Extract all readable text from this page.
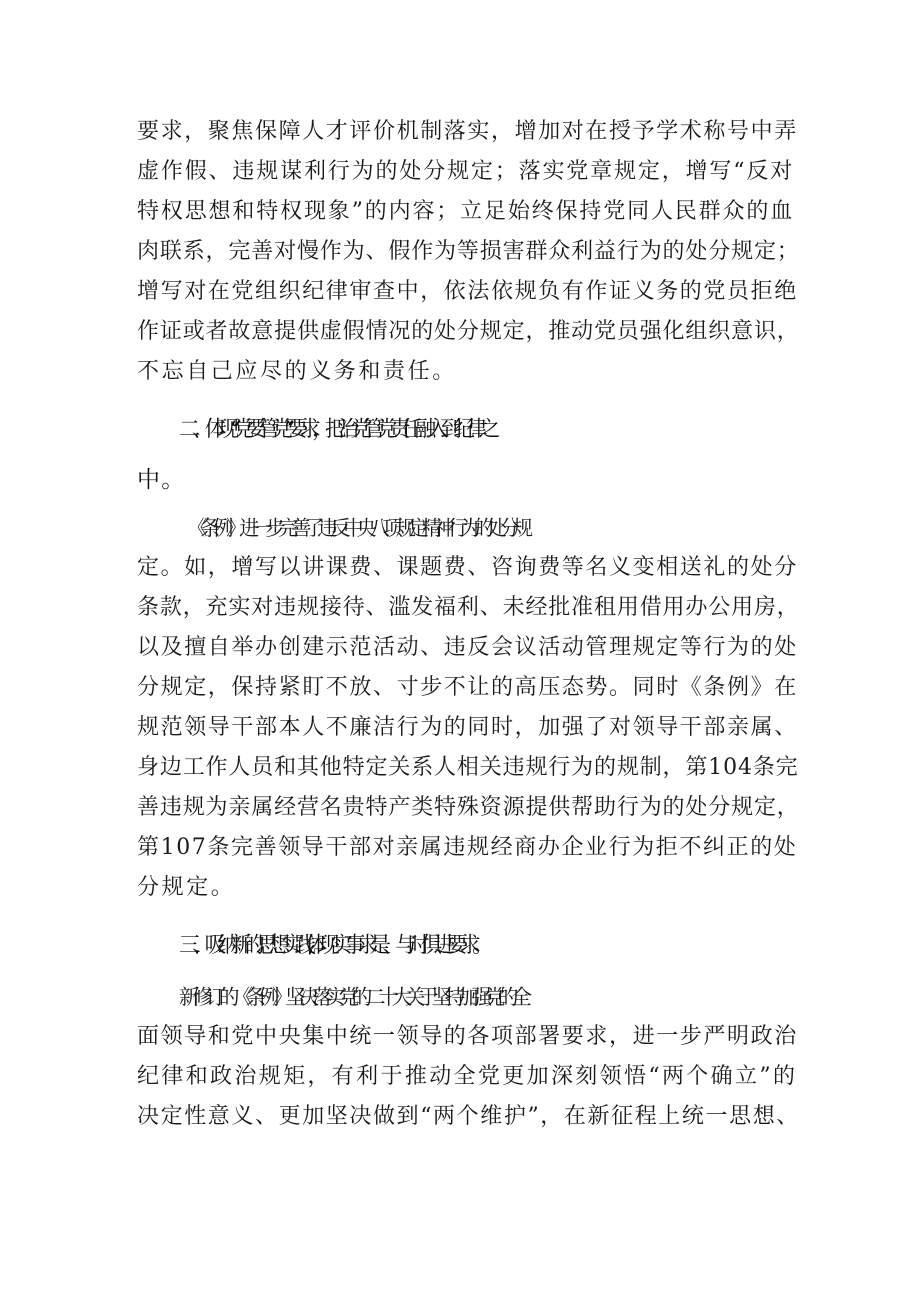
要求，聚焦保障人才评价机制落实，增加对在授予学术称号中弄
虚作假、违规谋利行为的处分规定；落实党章规定，增写“反对
特权思想和特权现象”的内容；立足始终保持党同人民群众的血
肉联系，完善对慢作为、假作为等损害群众利益行为的处分规定；
增写对在党组织纪律审查中，依法依规负有作证义务的党员拒绝
作证或者故意提供虚假情况的处分规定，推动党员强化组织意识，
不忘自己应尽的义务和责任。
二、体现“党要管党”要求，把治党管党责任融入到纪律之
中。
《条例》进一步完善了违反中央八项规定精神行为的处分规
定。如，增写以讲课费、课题费、咨询费等名义变相送礼的处分
条款，充实对违规接待、滥发福利、未经批准租用借用办公用房，
以及擅自举办创建示范活动、违反会议活动管理规定等行为的处
分规定，保持紧盯不放、寸步不让的高压态势。同时《条例》在
规范领导干部本人不廉洁行为的同时，加强了对领导干部亲属、
身边工作人员和其他特定关系人相关违规行为的规制，第104条完
善违规为亲属经营名贵特产类特殊资源提供帮助行为的处分规定，
第107条完善领导干部对亲属违规经商办企业行为拒不纠正的处
分规定。
三、吸纳新的思想实践,体现实事求是、与时俱进要求。
新修订的《条例》坚决落实党的二十大关于坚持加强党的全
面领导和党中央集中统一领导的各项部署要求，进一步严明政治
纪律和政治规矩，有利于推动全党更加深刻领悟“两个确立”的
决定性意义、更加坚决做到“两个维护”，在新征程上统一思想、
